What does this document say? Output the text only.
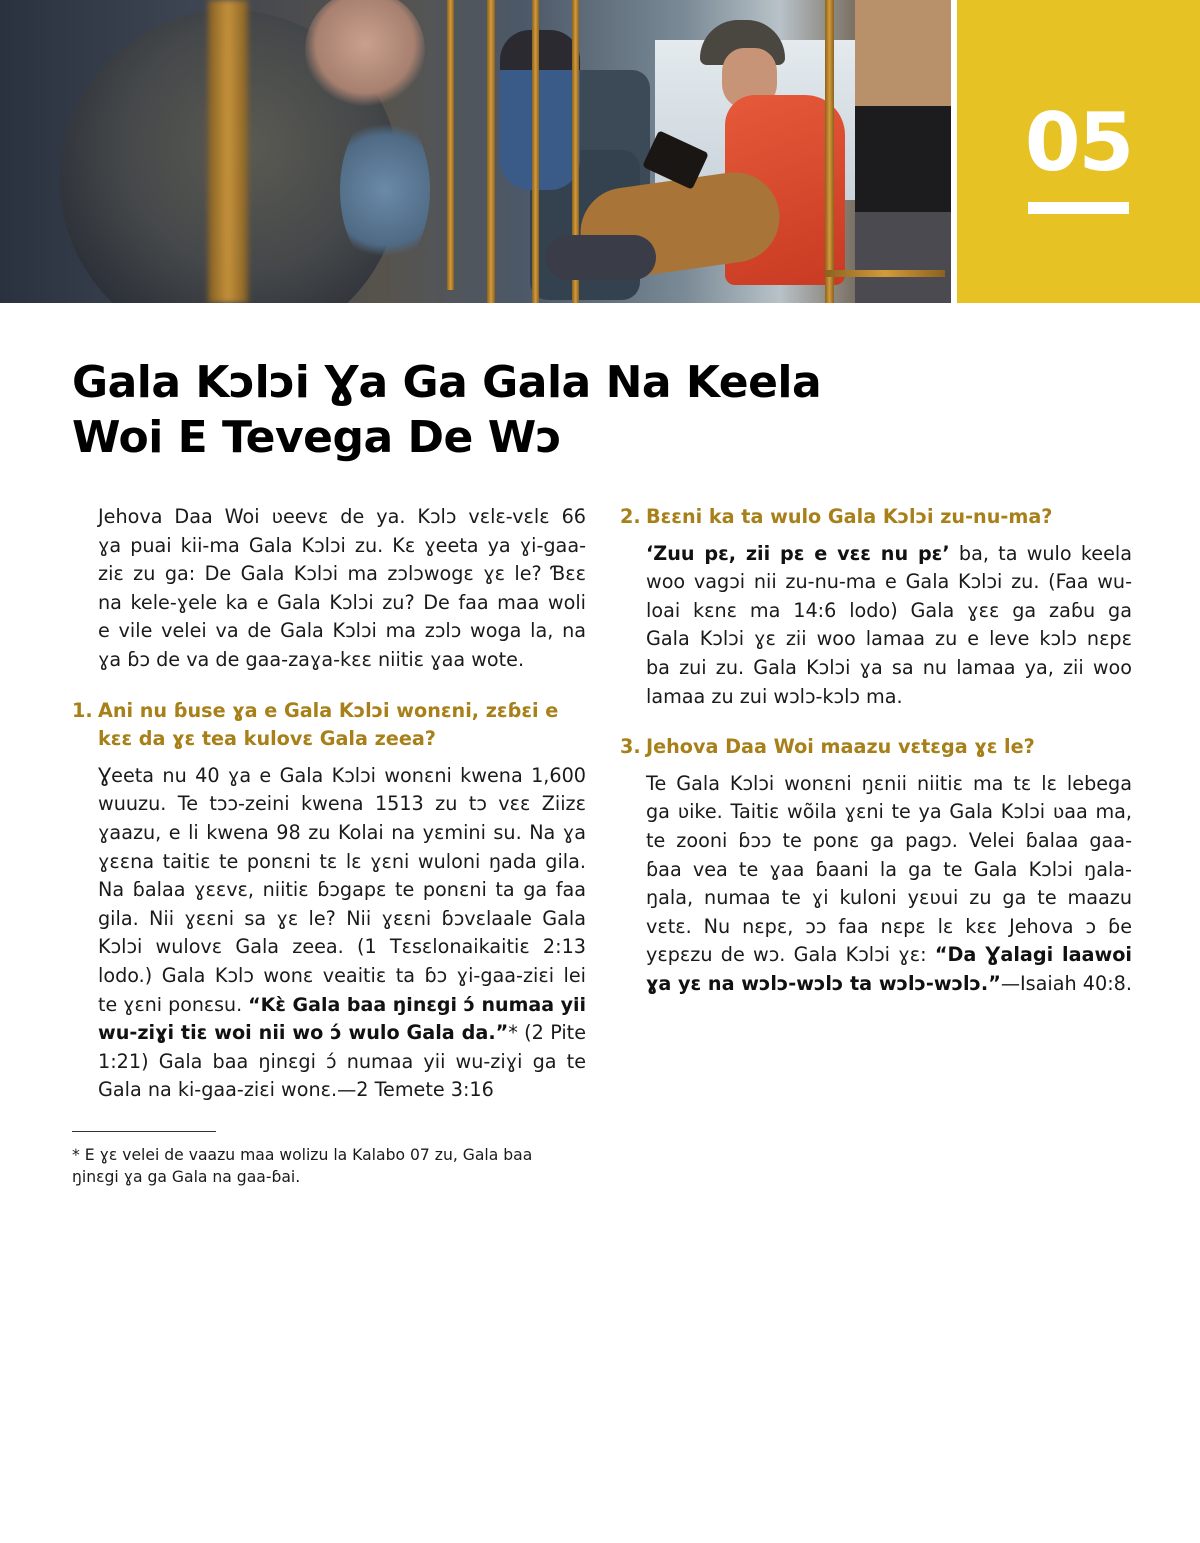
05
Gala Kɔlɔi Ɣa Ga Gala Na Keela
Woi E Tevega De Wɔ

Jehova Daa Woi ʋeevɛ de ya. Kɔlɔ vɛlɛ-vɛlɛ 66
ɣa puai kii-ma Gala Kɔlɔi zu. Kɛ ɣeeta ya ɣi-gaa-
ziɛ zu ga: De Gala Kɔlɔi ma zɔlɔwogɛ ɣɛ le? Ɓɛɛ
na kele-ɣele ka e Gala Kɔlɔi zu? De faa maa woli
e vile velei va de Gala Kɔlɔi ma zɔlɔ woga la, na
ɣa ɓɔ de va de gaa-zaɣa-kɛɛ niitiɛ ɣaa wote.

1. Ani nu ɓuse ɣa e Gala Kɔlɔi wonɛni, zɛɓɛi e
kɛɛ da ɣɛ tea kulovɛ Gala zeea?

Ɣeeta nu 40 ɣa e Gala Kɔlɔi wonɛni kwena 1,600
wuuzu. Te tɔɔ-zeini kwena 1513 zu tɔ vɛɛ Ziizɛ
ɣaazu, e li kwena 98 zu Kolai na yɛmini su. Na ɣa
ɣɛɛna taitiɛ te ponɛni tɛ lɛ ɣɛni wuloni ŋada gila.
Na ɓalaa ɣɛɛvɛ, niitiɛ ɓɔgapɛ te ponɛni ta ga faa
gila. Nii ɣɛɛni sa ɣɛ le? Nii ɣɛɛni ɓɔvɛlaale Gala
Kɔlɔi wulovɛ Gala zeea. (1 Tɛsɛlonaikaitiɛ 2:13
lodo.) Gala Kɔlɔ wonɛ veaitiɛ ta ɓɔ ɣi-gaa-ziɛi lei
te ɣɛni ponɛsu. “Kɛ̀ Gala baa ŋinɛgi ɔ́ numaa yii
wu-ziɣi tiɛ woi nii wo ɔ́ wulo Gala da.”* (2 Pite
1:21) Gala baa ŋinɛgi ɔ́ numaa yii wu-ziɣi ga te
Gala na ki-gaa-ziɛi wonɛ.—2 Temete 3:16

* E ɣɛ velei de vaazu maa wolizu la Kalabo 07 zu, Gala baa
ŋinɛgi ɣa ga Gala na gaa-ɓai.
2. Bɛɛni ka ta wulo Gala Kɔlɔi zu-nu-ma?

‘Zuu pɛ, zii pɛ e vɛɛ nu pɛ’ ba, ta wulo keela
woo vagɔi nii zu-nu-ma e Gala Kɔlɔi zu. (Faa wu-
loai kɛnɛ ma 14:6 lodo) Gala ɣɛɛ ga zaɓu ga
Gala Kɔlɔi ɣɛ zii woo lamaa zu e leve kɔlɔ nɛpɛ
ba zui zu. Gala Kɔlɔi ɣa sa nu lamaa ya, zii woo
lamaa zu zui wɔlɔ-kɔlɔ ma.

3. Jehova Daa Woi maazu vɛtɛga ɣɛ le?

Te Gala Kɔlɔi wonɛni ŋɛnii niitiɛ ma tɛ lɛ lebega
ga ʋike. Taitiɛ wõila ɣɛni te ya Gala Kɔlɔi ʋaa ma,
te zooni ɓɔɔ te ponɛ ga pagɔ. Velei ɓalaa gaa-
ɓaa vea te ɣaa ɓaani la ga te Gala Kɔlɔi ŋala-
ŋala, numaa te ɣi kuloni yɛʋui zu ga te maazu
vɛtɛ. Nu nɛpɛ, ɔɔ faa nɛpɛ lɛ kɛɛ Jehova ɔ ɓe
yɛpɛzu de wɔ. Gala Kɔlɔi ɣɛ: “Da Ɣalagi laawoi
ɣa yɛ na wɔlɔ-wɔlɔ ta wɔlɔ-wɔlɔ.”—Isaiah 40:8.
